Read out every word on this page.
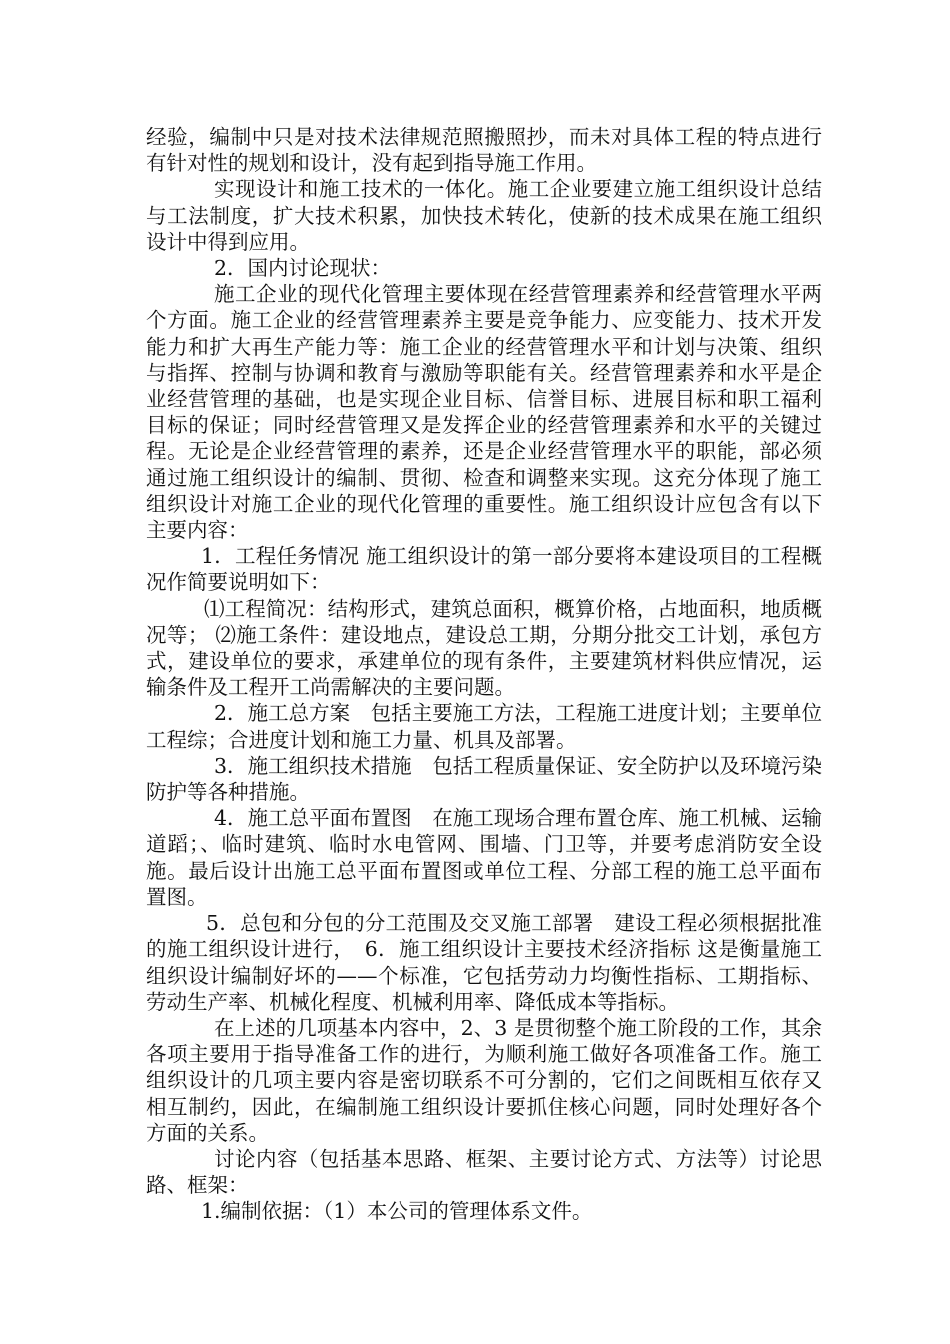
经验，编制中只是对技术法律规范照搬照抄，而未对具体工程的特点进行有针对性的规划和设计，没有起到指导施工作用。

实现设计和施工技术的一体化。施工企业要建立施工组织设计总结与工法制度，扩大技术积累，加快技术转化，使新的技术成果在施工组织设计中得到应用。

2．国内讨论现状：

施工企业的现代化管理主要体现在经营管理素养和经营管理水平两个方面。施工企业的经营管理素养主要是竞争能力、应变能力、技术开发能力和扩大再生产能力等：施工企业的经营管理水平和计划与决策、组织与指挥、控制与协调和教育与激励等职能有关。经营管理素养和水平是企业经营管理的基础，也是实现企业目标、信誉目标、进展目标和职工福利目标的保证；同时经营管理又是发挥企业的经营管理素养和水平的关键过程。无论是企业经营管理的素养，还是企业经营管理水平的职能，部必须通过施工组织设计的编制、贯彻、检查和调整来实现。这充分体现了施工组织设计对施工企业的现代化管理的重要性。施工组织设计应包含有以下主要内容：

1．工程任务情况 施工组织设计的第一部分要将本建设项目的工程概况作简要说明如下：

⑴工程简况：结构形式，建筑总面积，概算价格，占地面积，地质概况等； ⑵施工条件：建设地点，建设总工期，分期分批交工计划，承包方式，建设单位的要求，承建单位的现有条件，主要建筑材料供应情况，运输条件及工程开工尚需解决的主要问题。

2．施工总方案　包括主要施工方法，工程施工进度计划；主要单位工程综；合进度计划和施工力量、机具及部署。

3．施工组织技术措施　包括工程质量保证、安全防护以及环境污染防护等各种措施。

4．施工总平面布置图　在施工现场合理布置仓库、施工机械、运输道蹈；、临时建筑、临时水电管网、围墙、门卫等，并要考虑消防安全设施。最后设计出施工总平面布置图或单位工程、分部工程的施工总平面布置图。

5．总包和分包的分工范围及交叉施工部署　建设工程必须根据批准的施工组织设计进行，　6．施工组织设计主要技术经济指标 这是衡量施工组织设计编制好坏的——个标准，它包括劳动力均衡性指标、工期指标、劳动生产率、机械化程度、机械利用率、降低成本等指标。

在上述的几项基本内容中，2、3 是贯彻整个施工阶段的工作，其余各项主要用于指导准备工作的进行，为顺利施工做好各项准备工作。施工组织设计的几项主要内容是密切联系不可分割的，它们之间既相互依存又相互制约，因此，在编制施工组织设计要抓住核心问题，同时处理好各个方面的关系。

讨论内容（包括基本思路、框架、主要讨论方式、方法等）讨论思路、框架：

1.编制依据：（1）本公司的管理体系文件。
